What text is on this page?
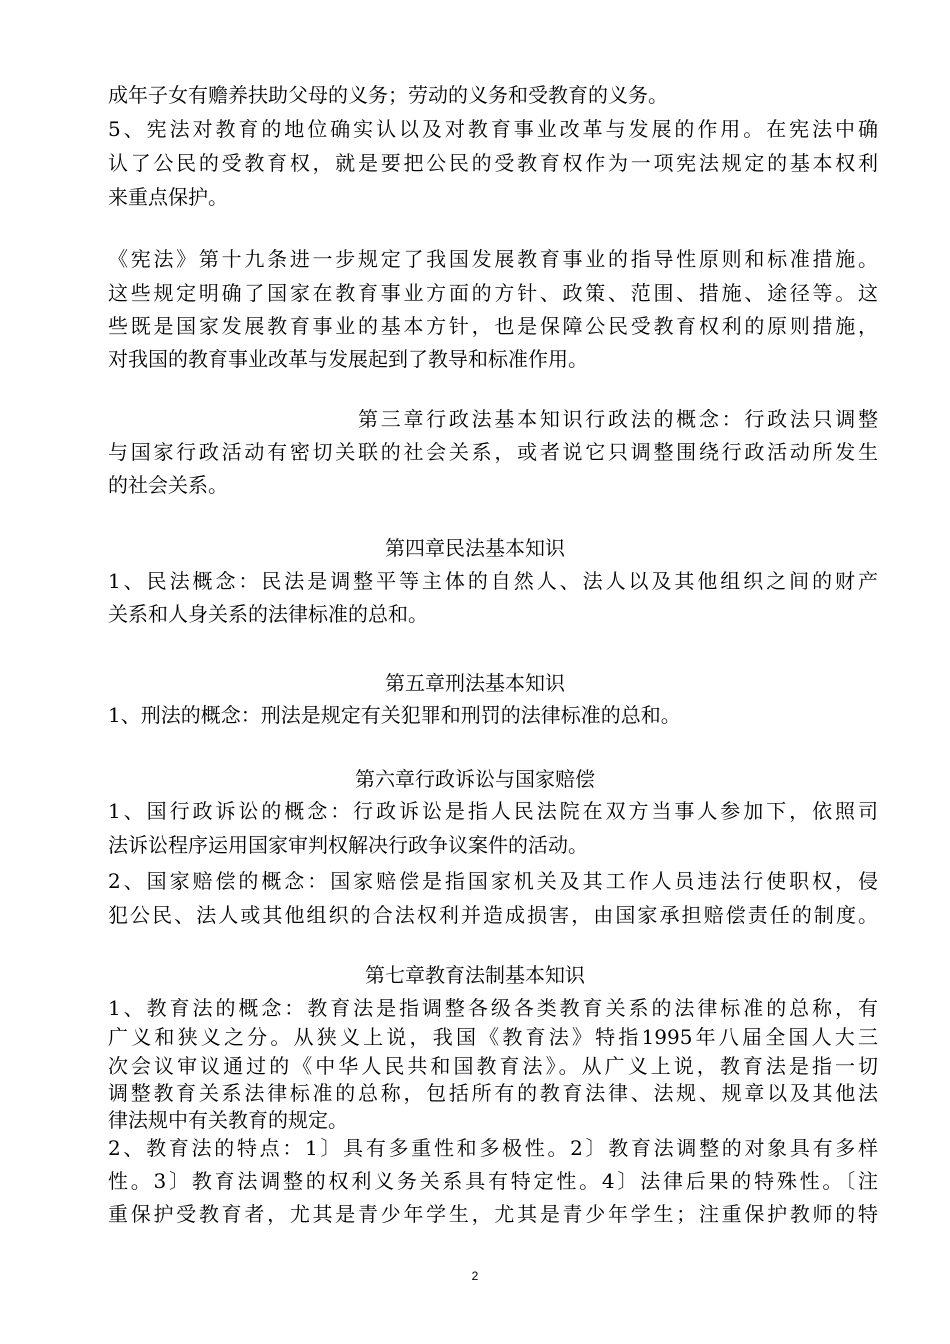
成年子女有赡养扶助父母的义务；劳动的义务和受教育的义务。
5、宪法对教育的地位确实认以及对教育事业改革与发展的作用。在宪法中确
认了公民的受教育权，就是要把公民的受教育权作为一项宪法规定的基本权利
来重点保护。
《宪法》第十九条进一步规定了我国发展教育事业的指导性原则和标准措施。
这些规定明确了国家在教育事业方面的方针、政策、范围、措施、途径等。这
些既是国家发展教育事业的基本方针，也是保障公民受教育权利的原则措施，
对我国的教育事业改革与发展起到了教导和标准作用。
第三章行政法基本知识行政法的概念：行政法只调整
与国家行政活动有密切关联的社会关系，或者说它只调整围绕行政活动所发生
的社会关系。
第四章民法基本知识
1、民法概念：民法是调整平等主体的自然人、法人以及其他组织之间的财产
关系和人身关系的法律标准的总和。
第五章刑法基本知识
1、刑法的概念：刑法是规定有关犯罪和刑罚的法律标准的总和。
第六章行政诉讼与国家赔偿
1、国行政诉讼的概念：行政诉讼是指人民法院在双方当事人参加下，依照司
法诉讼程序运用国家审判权解决行政争议案件的活动。
2、国家赔偿的概念：国家赔偿是指国家机关及其工作人员违法行使职权，侵
犯公民、法人或其他组织的合法权利并造成损害，由国家承担赔偿责任的制度。
第七章教育法制基本知识
1、教育法的概念：教育法是指调整各级各类教育关系的法律标准的总称，有
广义和狭义之分。从狭义上说，我国《教育法》特指1995年八届全国人大三
次会议审议通过的《中华人民共和国教育法》。从广义上说，教育法是指一切
调整教育关系法律标准的总称，包括所有的教育法律、法规、规章以及其他法
律法规中有关教育的规定。
2、教育法的特点：1〕具有多重性和多极性。2〕教育法调整的对象具有多样
性。3〕教育法调整的权利义务关系具有特定性。4〕法律后果的特殊性。〔注
重保护受教育者，尤其是青少年学生，尤其是青少年学生；注重保护教师的特
2
